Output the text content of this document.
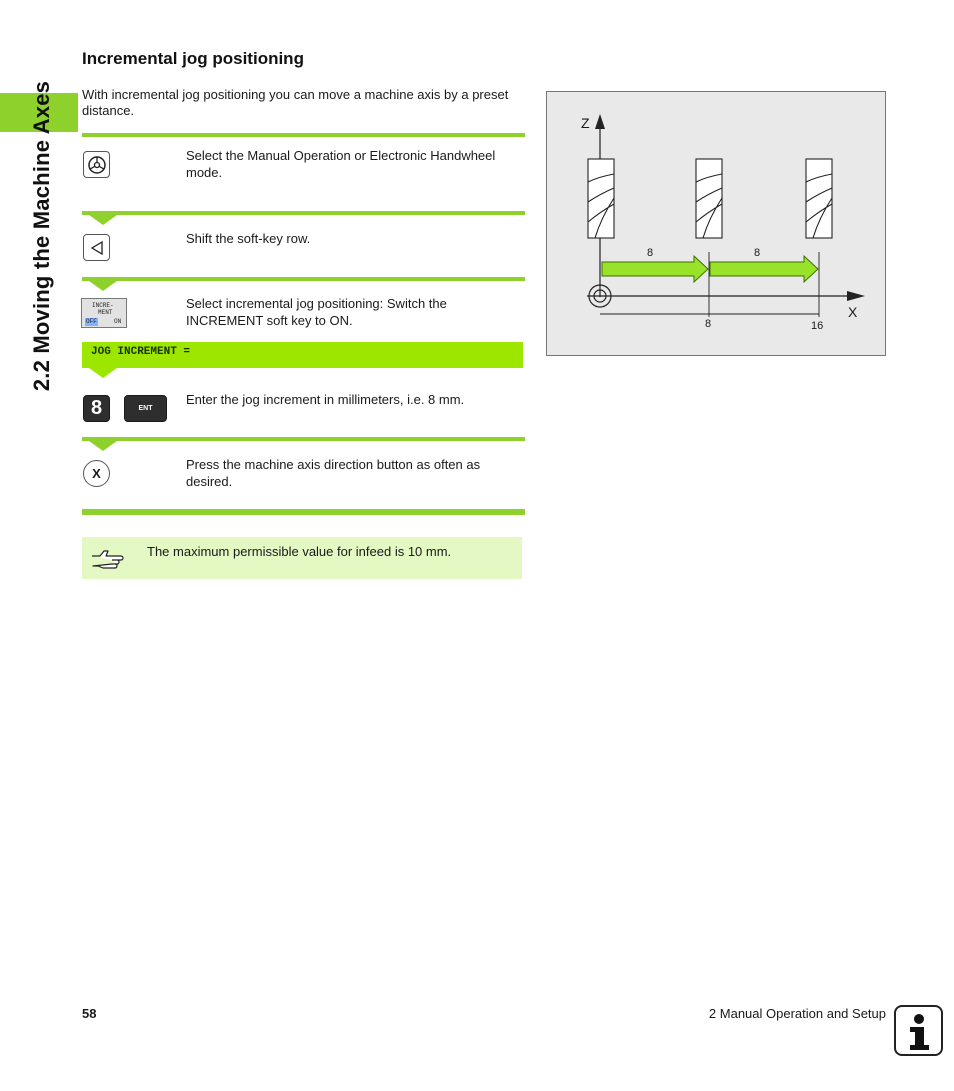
2.2 Moving the Machine Axes
Incremental jog positioning
With incremental jog positioning you can move a machine axis by a preset distance.
Select the Manual Operation or Electronic Handwheel mode.
Shift the soft-key row.
INCRE-
MENT
OFF	ON
Select incremental jog positioning: Switch the INCREMENT soft key to ON.
JOG INCREMENT =
8	ENT
Enter the jog increment in millimeters, i.e. 8 mm.
X
Press the machine axis direction button as often as desired.
The maximum permissible value for infeed is 10 mm.
Z
X
8	8
8	16
58	2 Manual Operation and Setup
